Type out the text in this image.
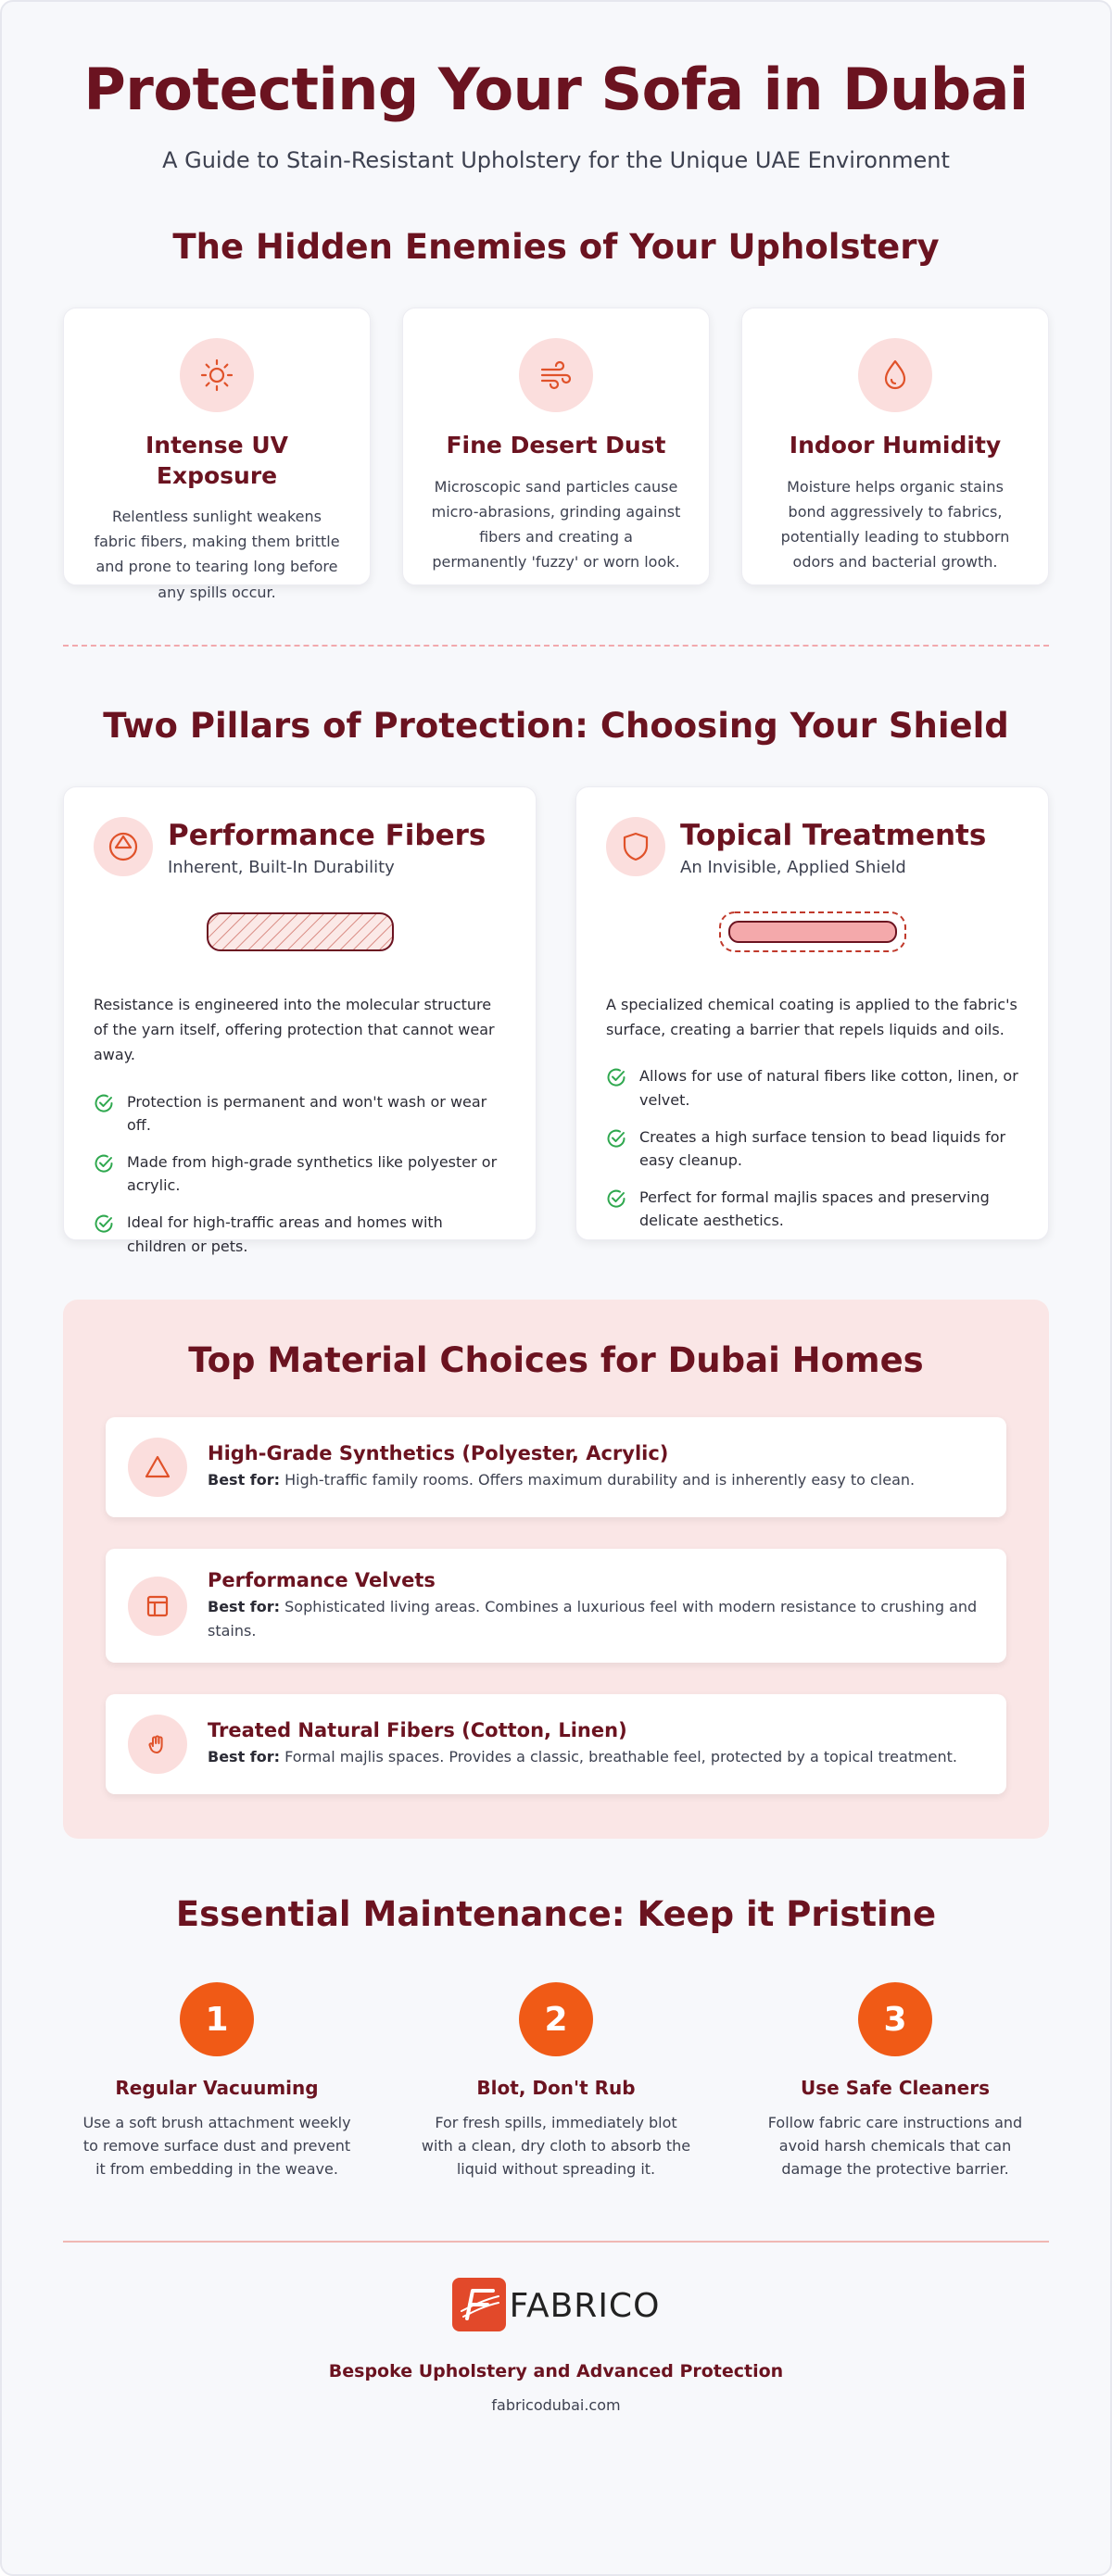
Protecting Your Sofa in Dubai

A Guide to Stain-Resistant Upholstery for the Unique UAE Environment

The Hidden Enemies of Your Upholstery
Intense UV Exposure

Relentless sunlight weakens fabric fibers, making them brittle and prone to tearing long before any spills occur.

Fine Desert Dust

Microscopic sand particles cause micro-abrasions, grinding against fibers and creating a permanently 'fuzzy' or worn look.

Indoor Humidity

Moisture helps organic stains bond aggressively to fabrics, potentially leading to stubborn odors and bacterial growth.

Two Pillars of Protection: Choosing Your Shield
Performance Fibers
Inherent, Built-In Durability

Resistance is engineered into the molecular structure of the yarn itself, offering protection that cannot wear away.

Protection is permanent and won't wash or wear off.
Made from high-grade synthetics like polyester or acrylic.
Ideal for high-traffic areas and homes with children or pets.
Topical Treatments
An Invisible, Applied Shield

A specialized chemical coating is applied to the fabric's surface, creating a barrier that repels liquids and oils.

Allows for use of natural fibers like cotton, linen, or velvet.
Creates a high surface tension to bead liquids for easy cleanup.
Perfect for formal majlis spaces and preserving delicate aesthetics.
Top Material Choices for Dubai Homes
High-Grade Synthetics (Polyester, Acrylic)

Best for: High-traffic family rooms. Offers maximum durability and is inherently easy to clean.

Performance Velvets

Best for: Sophisticated living areas. Combines a luxurious feel with modern resistance to crushing and stains.

Treated Natural Fibers (Cotton, Linen)

Best for: Formal majlis spaces. Provides a classic, breathable feel, protected by a topical treatment.

Essential Maintenance: Keep it Pristine
1
Regular Vacuuming

Use a soft brush attachment weekly to remove surface dust and prevent it from embedding in the weave.

2
Blot, Don't Rub

For fresh spills, immediately blot with a clean, dry cloth to absorb the liquid without spreading it.

3
Use Safe Cleaners

Follow fabric care instructions and avoid harsh chemicals that can damage the protective barrier.

FABRICO
Bespoke Upholstery and Advanced Protection
fabricodubai.com
